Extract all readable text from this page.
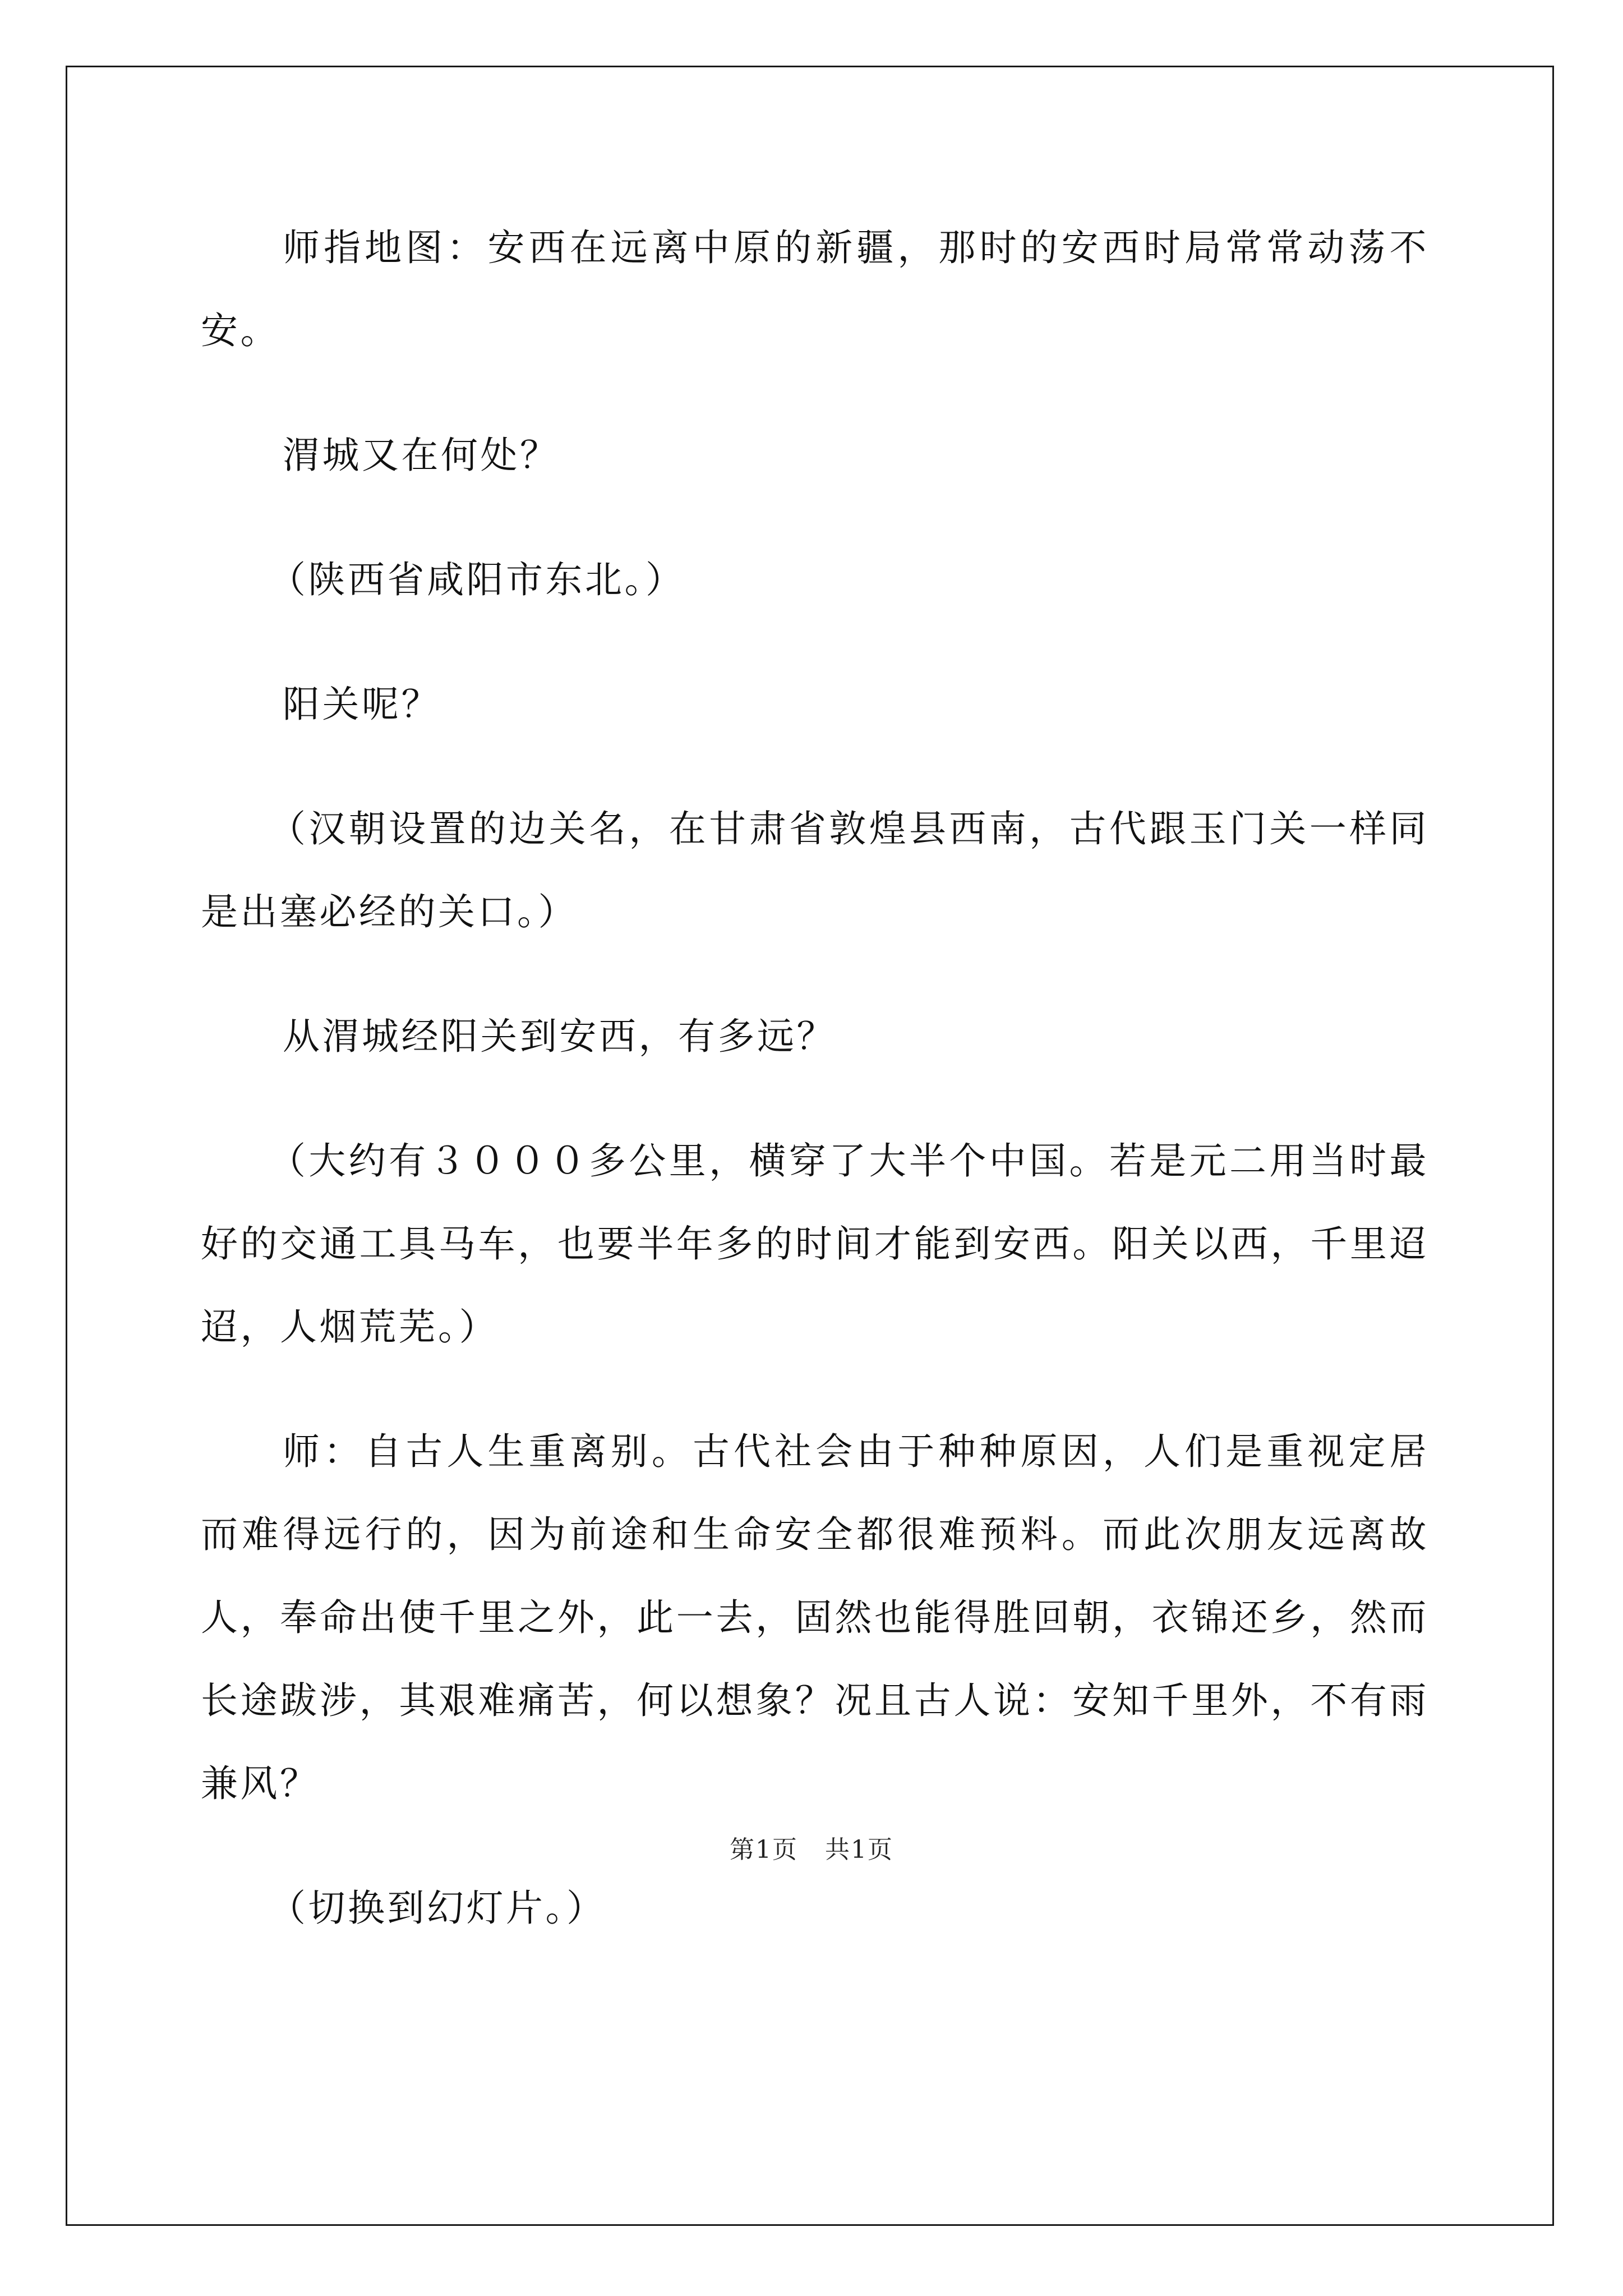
师指地图：安西在远离中原的新疆，那时的安西时局常常动荡不安。

渭城又在何处？

（陕西省咸阳市东北。）

阳关呢？

（汉朝设置的边关名，在甘肃省敦煌县西南，古代跟玉门关一样同是出塞必经的关口。）

从渭城经阳关到安西，有多远？

（大约有３０００多公里，横穿了大半个中国。若是元二用当时最好的交通工具马车，也要半年多的时间才能到安西。阳关以西，千里迢迢，人烟荒芜。）

师：自古人生重离别。古代社会由于种种原因，人们是重视定居而难得远行的，因为前途和生命安全都很难预料。而此次朋友远离故人，奉命出使千里之外，此一去，固然也能得胜回朝，衣锦还乡，然而长途跋涉，其艰难痛苦，何以想象？况且古人说：安知千里外，不有雨兼风？

（切换到幻灯片。）

第1页 共1页
